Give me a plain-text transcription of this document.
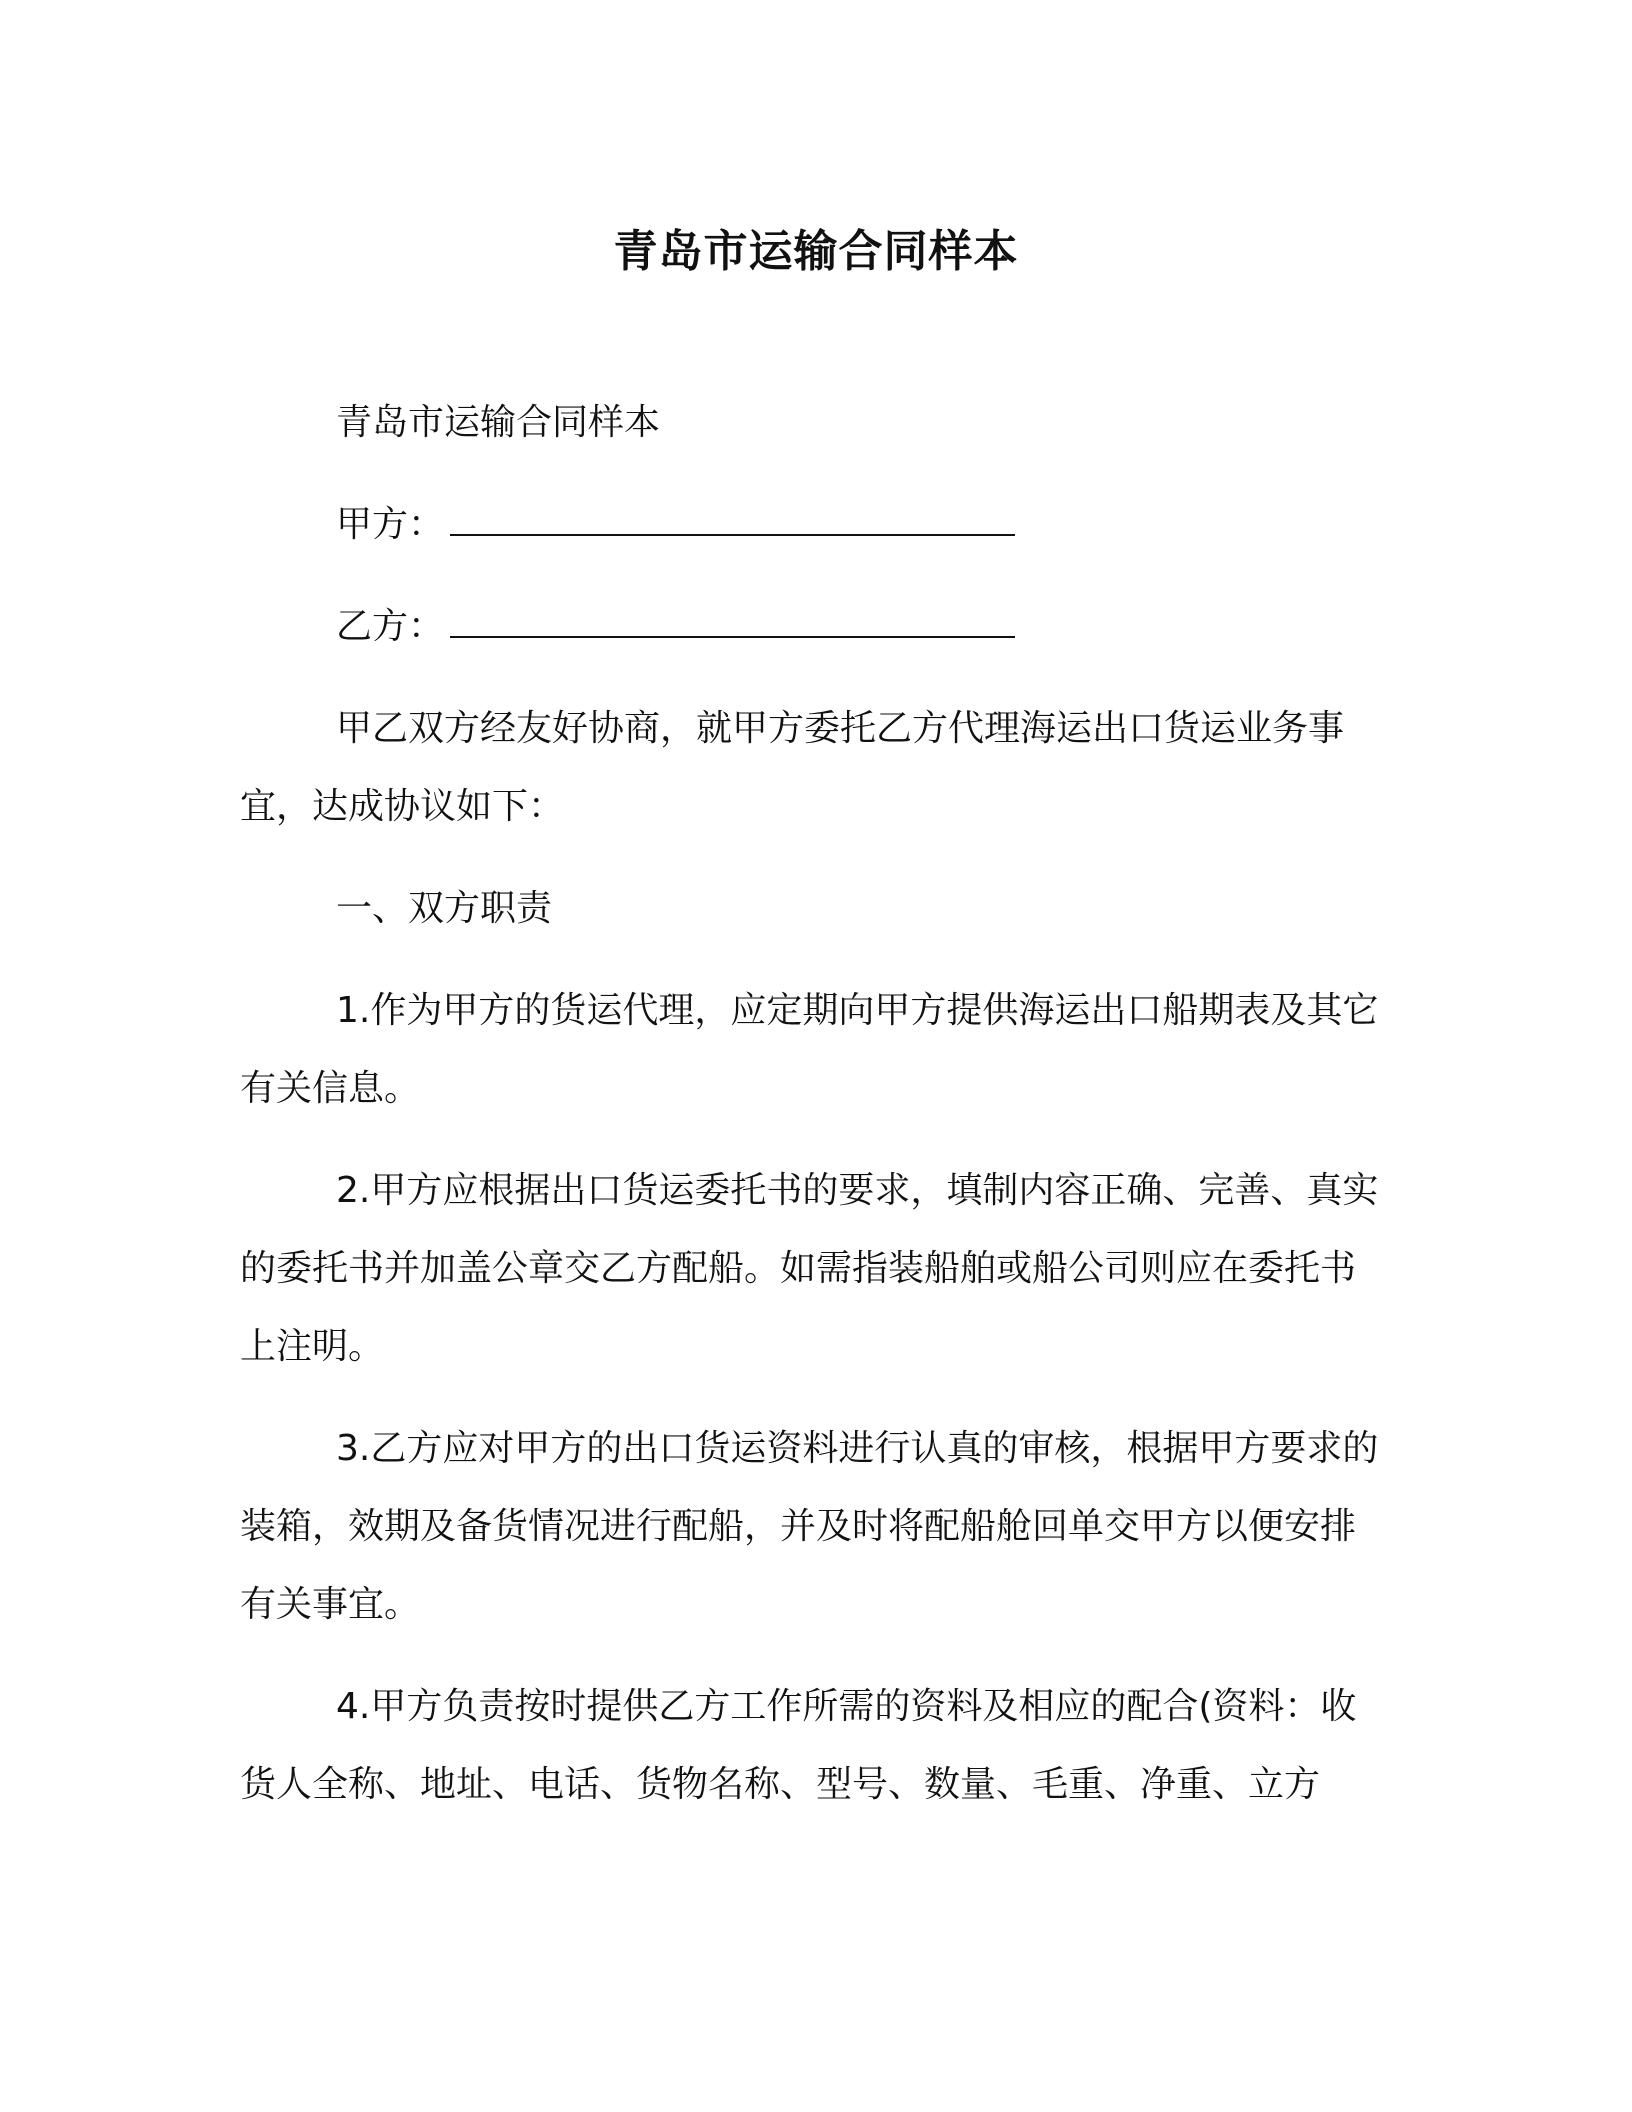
青岛市运输合同样本

青岛市运输合同样本

甲方：

乙方：

甲乙双方经友好协商，就甲方委托乙方代理海运出口货运业务事宜，达成协议如下：

一、双方职责

1.作为甲方的货运代理，应定期向甲方提供海运出口船期表及其它有关信息。

2.甲方应根据出口货运委托书的要求，填制内容正确、完善、真实的委托书并加盖公章交乙方配船。如需指装船舶或船公司则应在委托书上注明。

3.乙方应对甲方的出口货运资料进行认真的审核，根据甲方要求的装箱，效期及备货情况进行配船，并及时将配船舱回单交甲方以便安排有关事宜。

4.甲方负责按时提供乙方工作所需的资料及相应的配合(资料：收货人全称、地址、电话、货物名称、型号、数量、毛重、净重、立方
